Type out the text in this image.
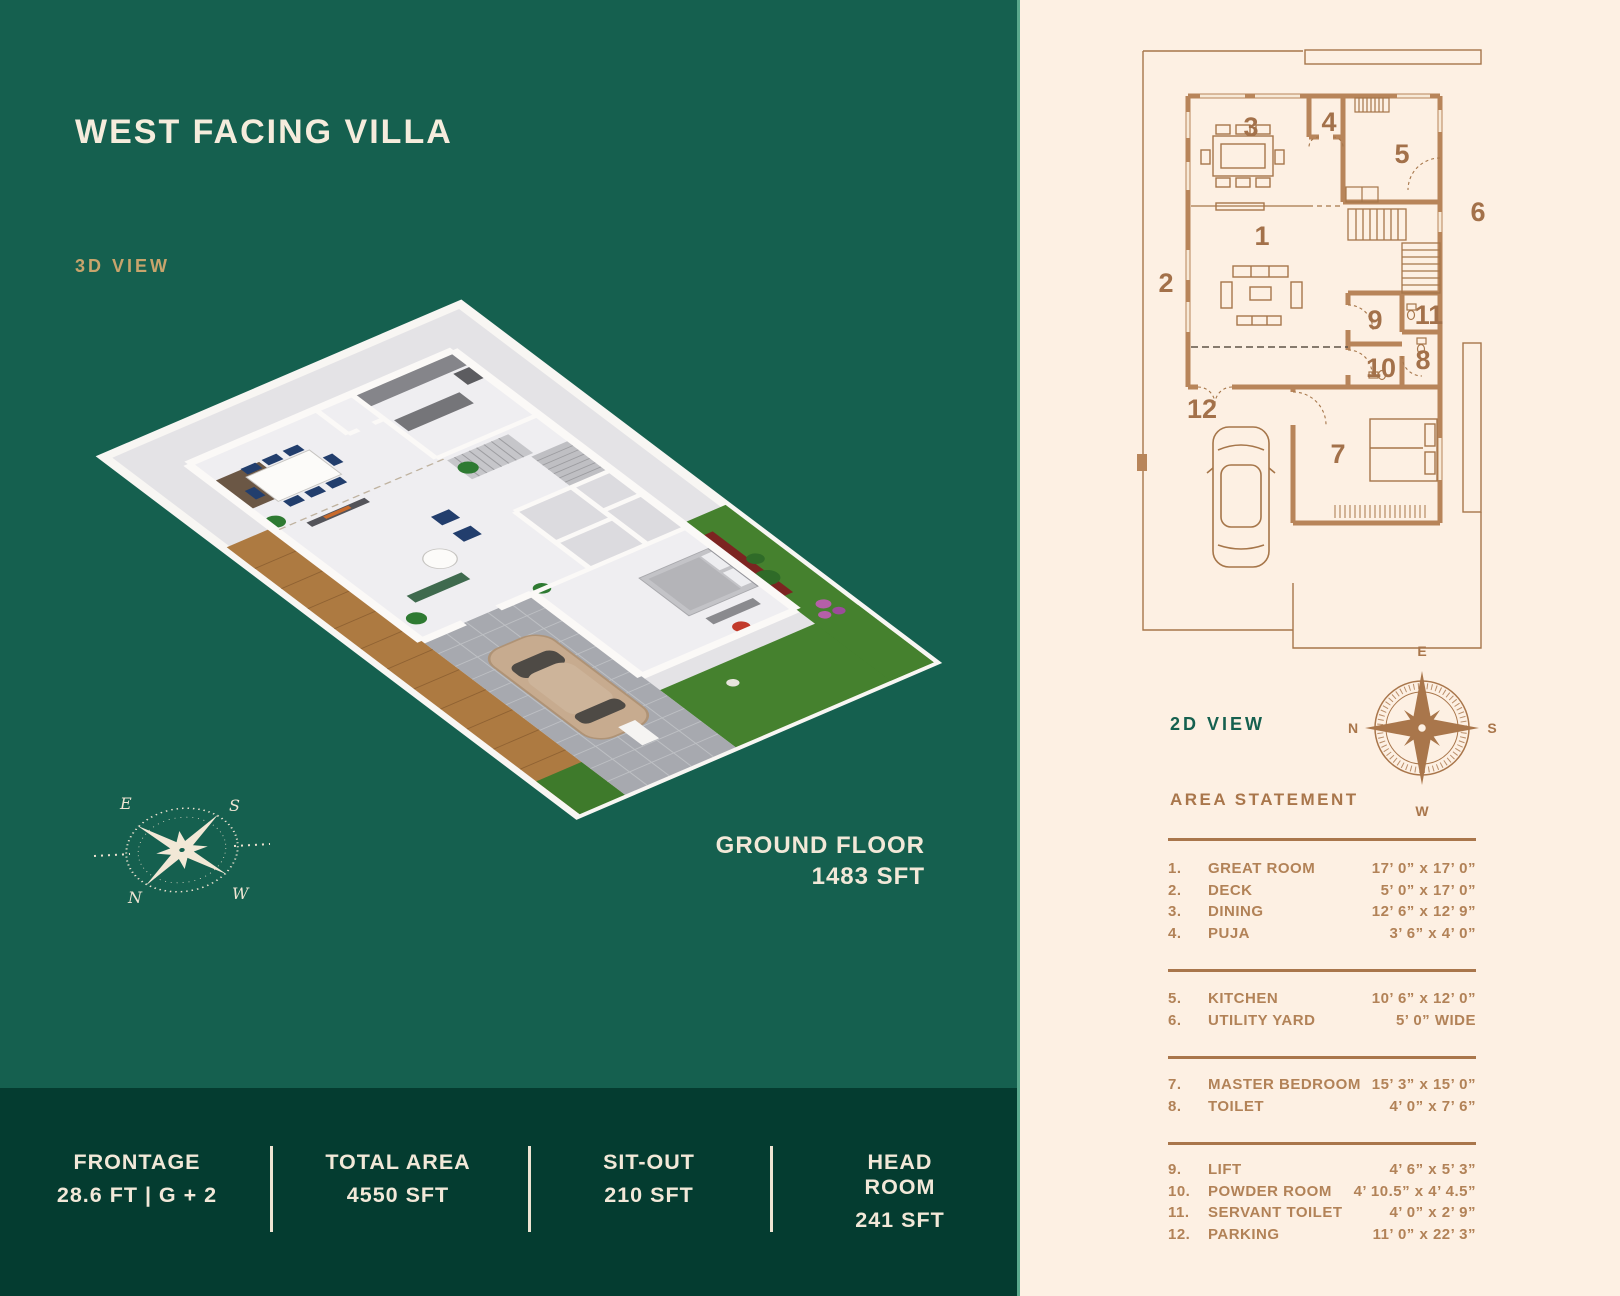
WEST FACING VILLA
3D VIEW
E	S
N	W
GROUND FLOOR
1483 SFT
FRONTAGE
28.6 FT | G + 2
TOTAL AREA
4550 SFT
SIT-OUT
210 SFT
HEAD ROOM
241 SFT
1
2
3 4
5
6
7
8
9
10
11
12
2D VIEW
E
S
W
N
AREA STATEMENT
1.	GREAT ROOM	17’ 0” x 17’ 0”
2.	DECK	5’ 0” x 17’ 0”
3.	DINING	12’ 6” x 12’ 9”
4.	PUJA	3’ 6” x 4’ 0”
5.	KITCHEN	10’ 6” x 12’ 0”
6.	UTILITY YARD	5’ 0” WIDE
7.	MASTER BEDROOM 15’ 3” x 15’ 0”
8.	TOILET	4’ 0” x 7’ 6”
9.	LIFT	4’ 6” x 5’ 3”
10.	POWDER ROOM	4’ 10.5” x 4’ 4.5”
11.	SERVANT TOILET	4’ 0” x 2’ 9”
12.	PARKING	11’ 0” x 22’ 3”
